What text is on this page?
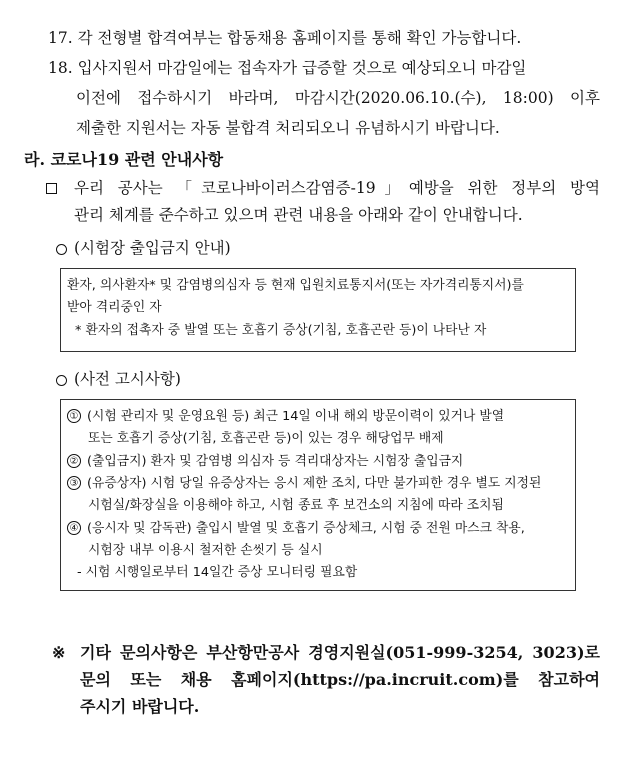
17. 각 전형별 합격여부는 합동채용 홈페이지를 통해 확인 가능합니다.
18. 입사지원서 마감일에는 접속자가 급증할 것으로 예상되오니 마감일
이전에 접수하시기 바라며, 마감시간(2020.06.10.(수), 18:00) 이후
제출한 지원서는 자동 불합격 처리되오니 유념하시기 바랍니다.
라. 코로나19 관련 안내사항
우리 공사는 「코로나바이러스감염증-19」예방을 위한 정부의 방역
관리 체계를 준수하고 있으며 관련 내용을 아래와 같이 안내합니다.
(시험장 출입금지 안내)
환자, 의사환자* 및 감염병의심자 등 현재 입원치료통지서(또는 자가격리통지서)를
받아 격리중인 자
* 환자의 접촉자 중 발열 또는 호흡기 증상(기침, 호흡곤란 등)이 나타난 자
(사전 고시사항)
① (시험 관리자 및 운영요원 등) 최근 14일 이내 해외 방문이력이 있거나 발열
또는 호흡기 증상(기침, 호흡곤란 등)이 있는 경우 해당업무 배제
② (출입금지) 환자 및 감염병 의심자 등 격리대상자는 시험장 출입금지
③ (유증상자) 시험 당일 유증상자는 응시 제한 조치, 다만 불가피한 경우 별도 지정된
시험실/화장실을 이용해야 하고, 시험 종료 후 보건소의 지침에 따라 조치됨
④ (응시자 및 감독관) 출입시 발열 및 호흡기 증상체크, 시험 중 전원 마스크 착용,
시험장 내부 이용시 철저한 손씻기 등 실시
- 시험 시행일로부터 14일간 증상 모니터링 필요함
※ 기타 문의사항은 부산항만공사 경영지원실(051-999-3254, 3023)로
문의 또는 채용 홈페이지(https://pa.incruit.com)를 참고하여
주시기 바랍니다.
